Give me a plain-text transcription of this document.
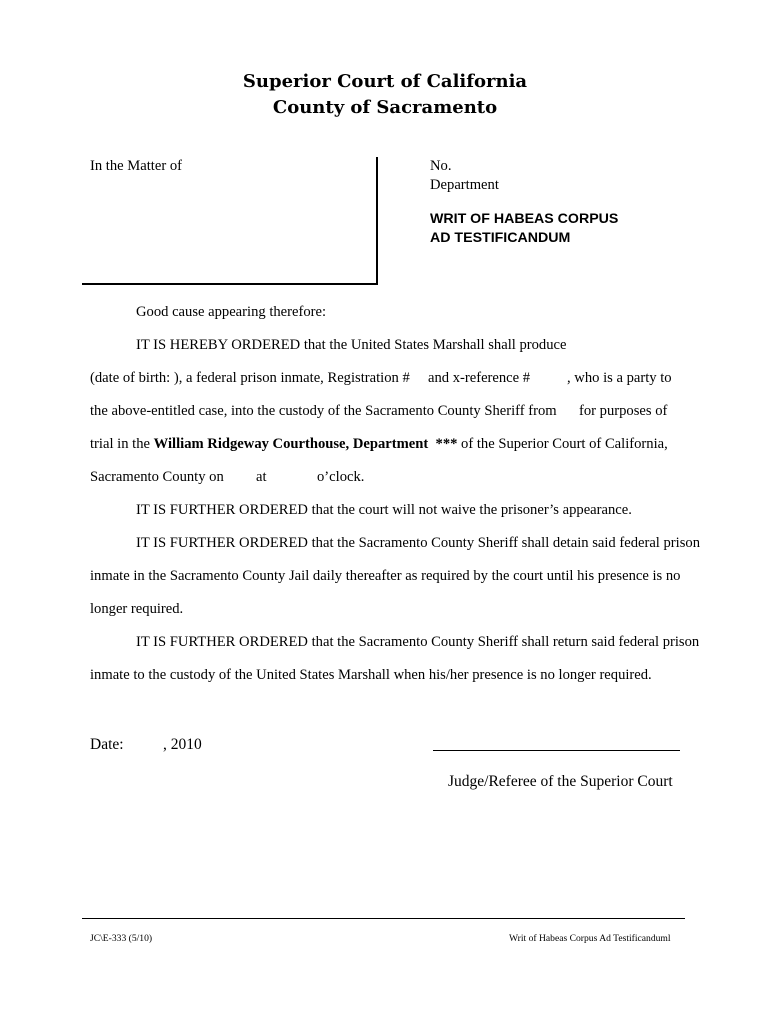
Superior Court of California
County of Sacramento
In the Matter of	No.
Department
WRIT OF HABEAS CORPUS
AD TESTIFICANDUM
Good cause appearing therefore:
IT IS HEREBY ORDERED that the United States Marshall shall produce
(date of birth: ), a federal prison inmate, Registration # and x-reference #	, who is a party to
the above-entitled case, into the custody of the Sacramento County Sheriff from for purposes of
trial in the William Ridgeway Courthouse, Department *** of the Superior Court of California,
Sacramento County on at	o’clock.
IT IS FURTHER ORDERED that the court will not waive the prisoner’s appearance.
IT IS FURTHER ORDERED that the Sacramento County Sheriff shall detain said federal prison
inmate in the Sacramento County Jail daily thereafter as required by the court until his presence is no
longer required.
IT IS FURTHER ORDERED that the Sacramento County Sheriff shall return said federal prison
inmate to the custody of the United States Marshall when his/her presence is no longer required.
Date:	, 2010
Judge/Referee of the Superior Court
JC\E-333 (5/10)	Writ of Habeas Corpus Ad Testificanduml
